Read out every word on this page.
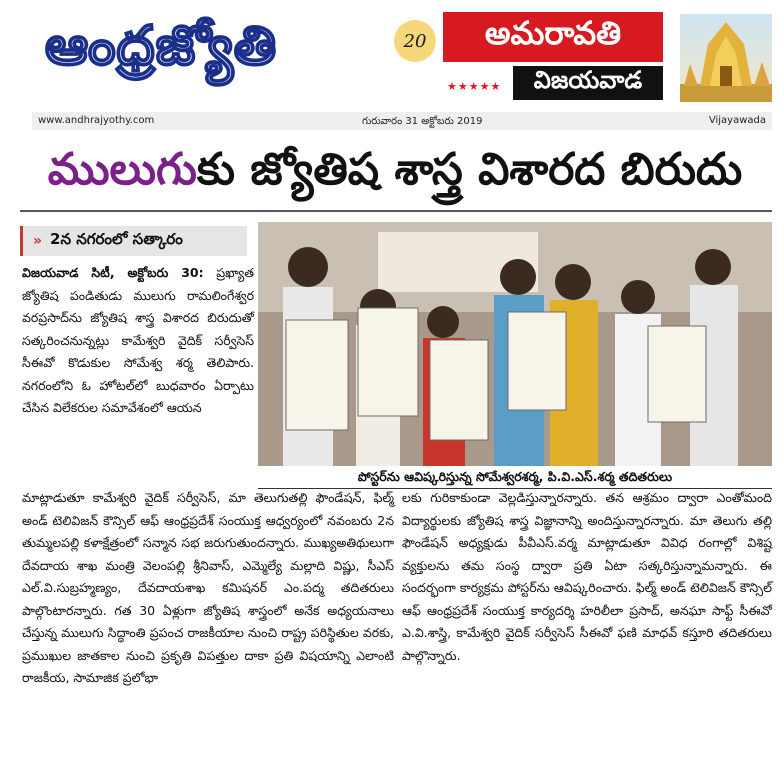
ఆంధ్రజ్యోతి	20	అమరావతి
★★★★★	విజయవాడ
www.andhrajyothy.com	గురువారం 31 అక్టోబరు 2019	Vijayawada
ములుగుకు జ్యోతిష శాస్త్ర విశారద బిరుదు
» 2న నగరంలో సత్కారం

విజయవాడ సిటీ, అక్టోబరు 30: ప్రఖ్యాత జ్యోతిష పండితుడు ములుగు రామలింగేశ్వర వరప్రసాద్‌ను జ్యోతిష శాస్త్ర విశారద బిరుదుతో సత్కరించనున్నట్లు కామేశ్వరి వైదిక్‌ సర్వీసెస్‌ సీఈవో కొడుకుల సోమేశ్వ శర్మ తెలిపారు. నగరంలోని ఓ హోటల్‌లో బుధవారం ఏర్పాటు చేసిన విలేకరుల సమావేశంలో ఆయన

పోస్టర్‌ను ఆవిష్కరిస్తున్న సోమేశ్వరశర్మ, పి.వి.ఎస్‌.శర్మ తదితరులు

మాట్లాడుతూ కామేశ్వరి వైదిక్‌ సర్వీసెస్‌, మా తెలుగుతల్లి ఫౌండేషన్‌, ఫిల్మ్‌ అండ్‌ టెలివిజన్‌ కౌన్సిల్‌ ఆఫ్‌ ఆంధ్రప్రదేశ్‌ సంయుక్త ఆధ్వర్యంలో నవంబరు 2న తుమ్మలపల్లి కళాక్షేత్రంలో సన్మాన సభ జరుగుతుందన్నారు. ముఖ్యఅతిథులుగా దేవదాయ శాఖ మంత్రి వెలంపల్లి శ్రీనివాస్‌, ఎమ్మెల్యే మల్లాది విష్ణు, సీఎస్‌ ఎల్‌.వి.సుబ్రహ్మణ్యం, దేవదాయశాఖ కమిషనర్‌ ఎం.పద్మ తదితరులు పాల్గొంటారన్నారు. గత 30 ఏళ్లుగా జ్యోతిష శాస్త్రంలో అనేక అధ్యయనాలు చేస్తున్న ములుగు సిద్ధాంతి ప్రపంచ రాజకీయాల నుంచి రాష్ట్ర పరిస్థితుల వరకు, ప్రముఖుల జాతకాల నుంచి ప్రకృతి విపత్తుల దాకా ప్రతి విషయాన్ని ఎలాంటి రాజకీయ, సామాజిక ప్రలోభా

లకు గురికాకుండా వెల్లడిస్తున్నారన్నారు. తన ఆశ్రమం ద్వారా ఎంతోమంది విద్యార్థులకు జ్యోతిష శాస్త్ర విజ్ఞానాన్ని అందిస్తున్నారన్నారు. మా తెలుగు తల్లి ఫౌండేషన్‌ అధ్యక్షుడు పీవీఎస్‌.వర్మ మాట్లాడుతూ వివిధ రంగాల్లో విశిష్ట వ్యక్తులను తమ సంస్థ ద్వారా ప్రతి ఏటా సత్కరిస్తున్నామన్నారు. ఈ సందర్భంగా కార్యక్రమ పోస్టర్‌ను ఆవిష్కరించారు. ఫిల్మ్‌ అండ్‌ టెలివిజన్‌ కౌన్సిల్‌ ఆఫ్‌ ఆంధ్రప్రదేశ్‌ సంయుక్త కార్యదర్శి హరిలీలా ప్రసాద్‌, అనఘా సాఫ్ట్‌ సీఈవో ఎ.వి.శాస్త్రి, కామేశ్వరి వైదిక్‌ సర్వీసెస్‌ సీఈవో ఫణి మాధవ్‌ కస్తూరి తదితరులు పాల్గొన్నారు.
